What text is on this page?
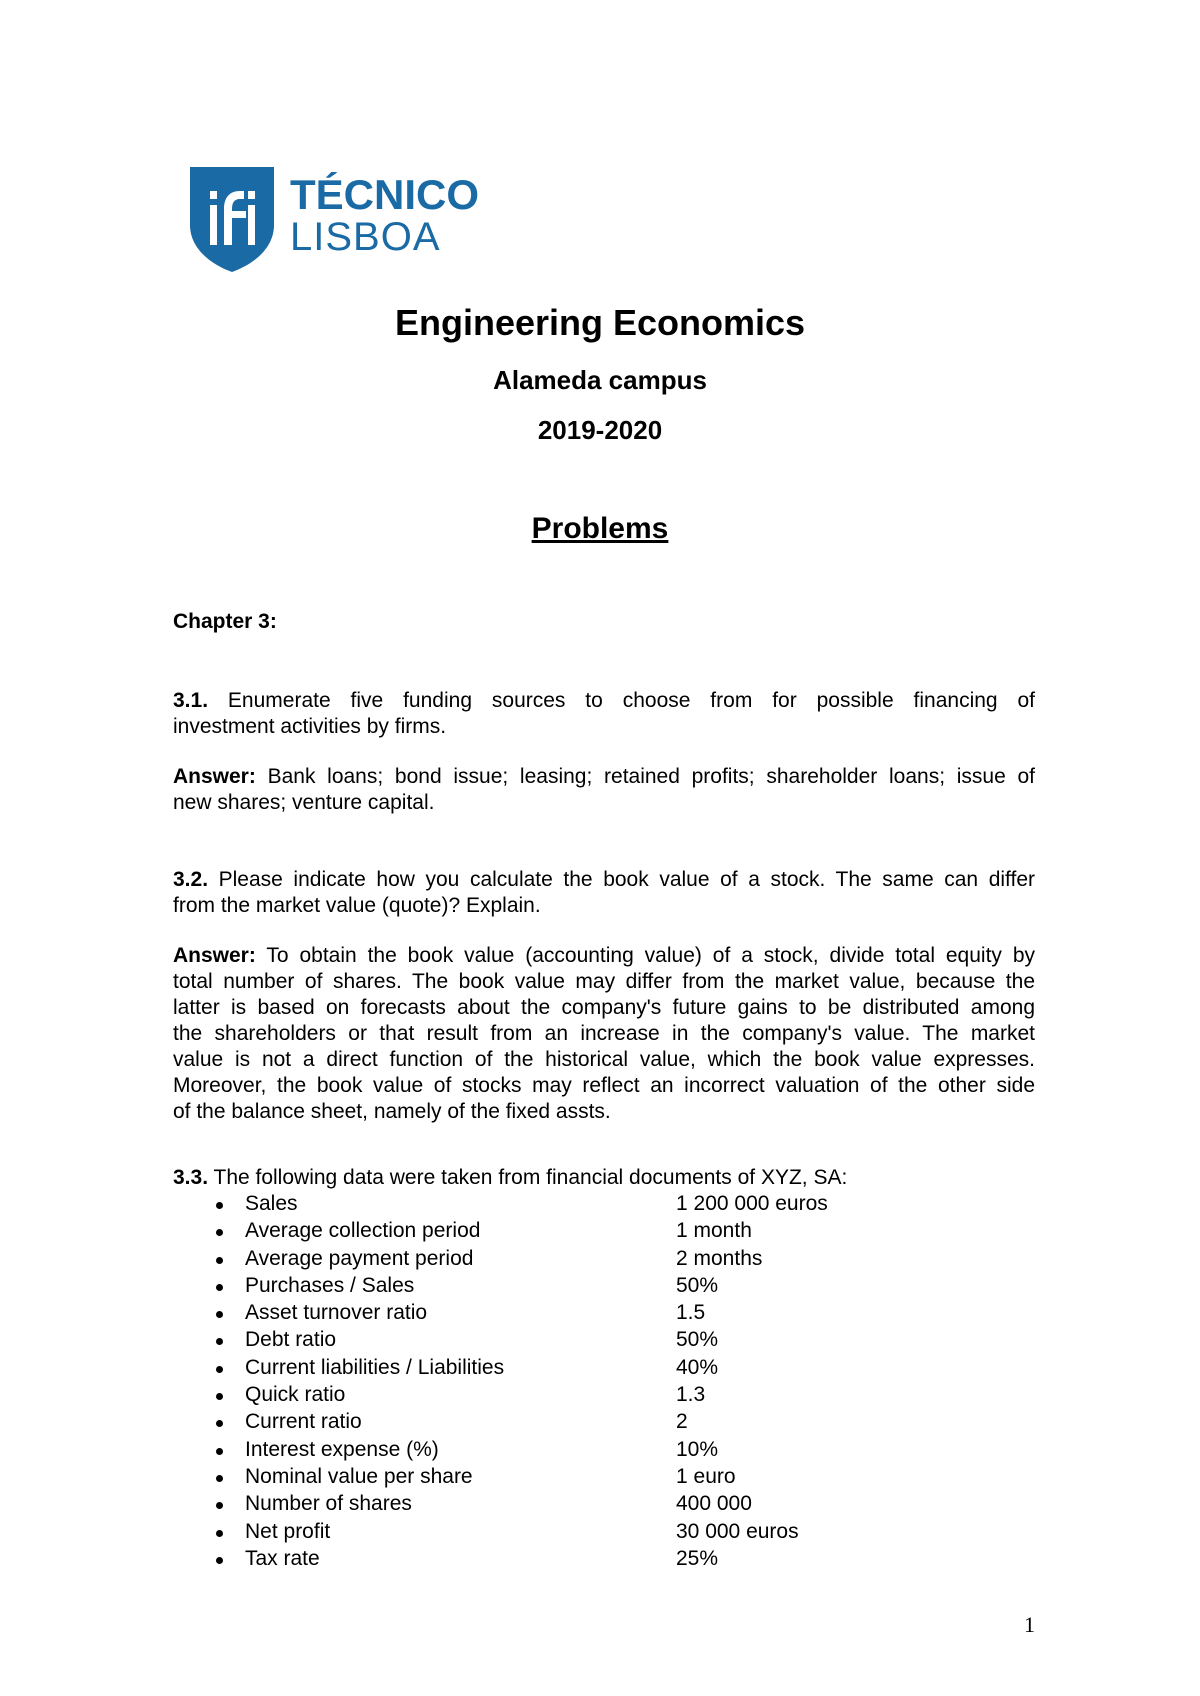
TÉCNICO
LISBOA
Engineering Economics
Alameda campus
2019-2020
Problems
Chapter 3:
3.1. Enumerate five funding sources to choose from for possible financing of
investment activities by firms.
Answer: Bank loans; bond issue; leasing; retained profits; shareholder loans; issue of
new shares; venture capital.
3.2. Please indicate how you calculate the book value of a stock. The same can differ
from the market value (quote)? Explain.
Answer: To obtain the book value (accounting value) of a stock, divide total equity by
total number of shares. The book value may differ from the market value, because the
latter is based on forecasts about the company's future gains to be distributed among
the shareholders or that result from an increase in the company's value. The market
value is not a direct function of the historical value, which the book value expresses.
Moreover, the book value of stocks may reflect an incorrect valuation of the other side
of the balance sheet, namely of the fixed assts.
3.3. The following data were taken from financial documents of XYZ, SA:
Sales	1 200 000 euros
Average collection period	1 month
Average payment period	2 months
Purchases / Sales	50%
Asset turnover ratio	1.5
Debt ratio	50%
Current liabilities / Liabilities	40%
Quick ratio	1.3
Current ratio	2
Interest expense (%)	10%
Nominal value per share	1 euro
Number of shares	400 000
Net profit	30 000 euros
Tax rate	25%
1
